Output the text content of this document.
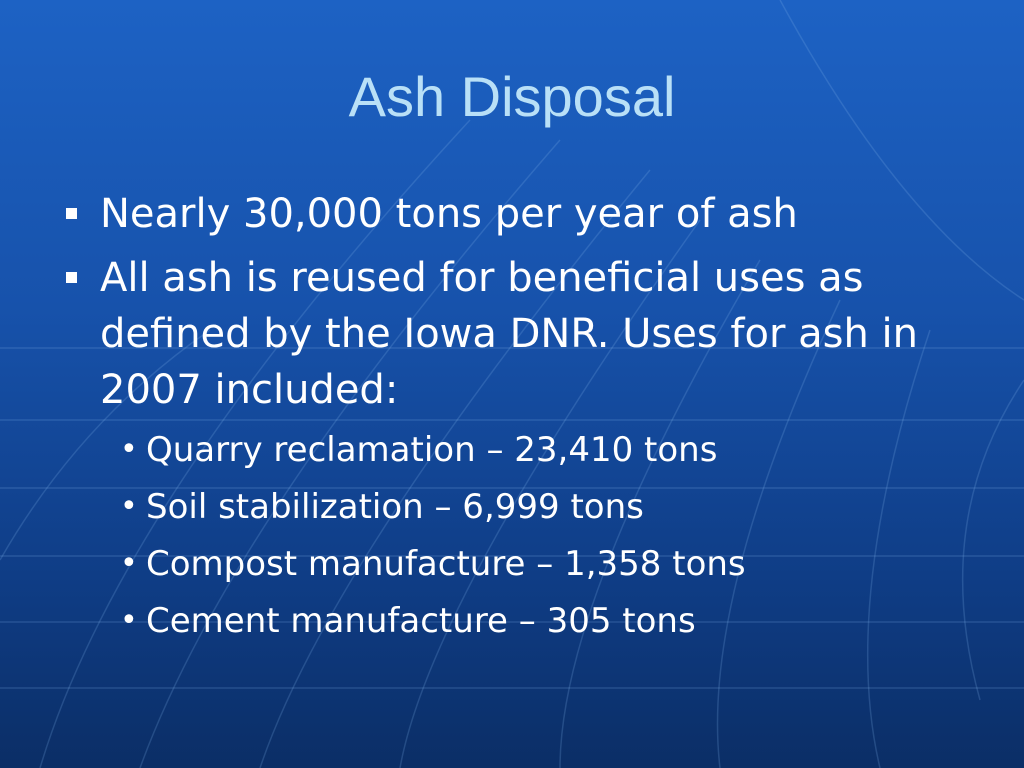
Ash Disposal
Nearly 30,000 tons per year of ash
All ash is reused for beneficial uses as defined by the Iowa DNR. Uses for ash in 2007 included:
• Quarry reclamation – 23,410 tons
• Soil stabilization – 6,999 tons
• Compost manufacture – 1,358 tons
• Cement manufacture – 305 tons
